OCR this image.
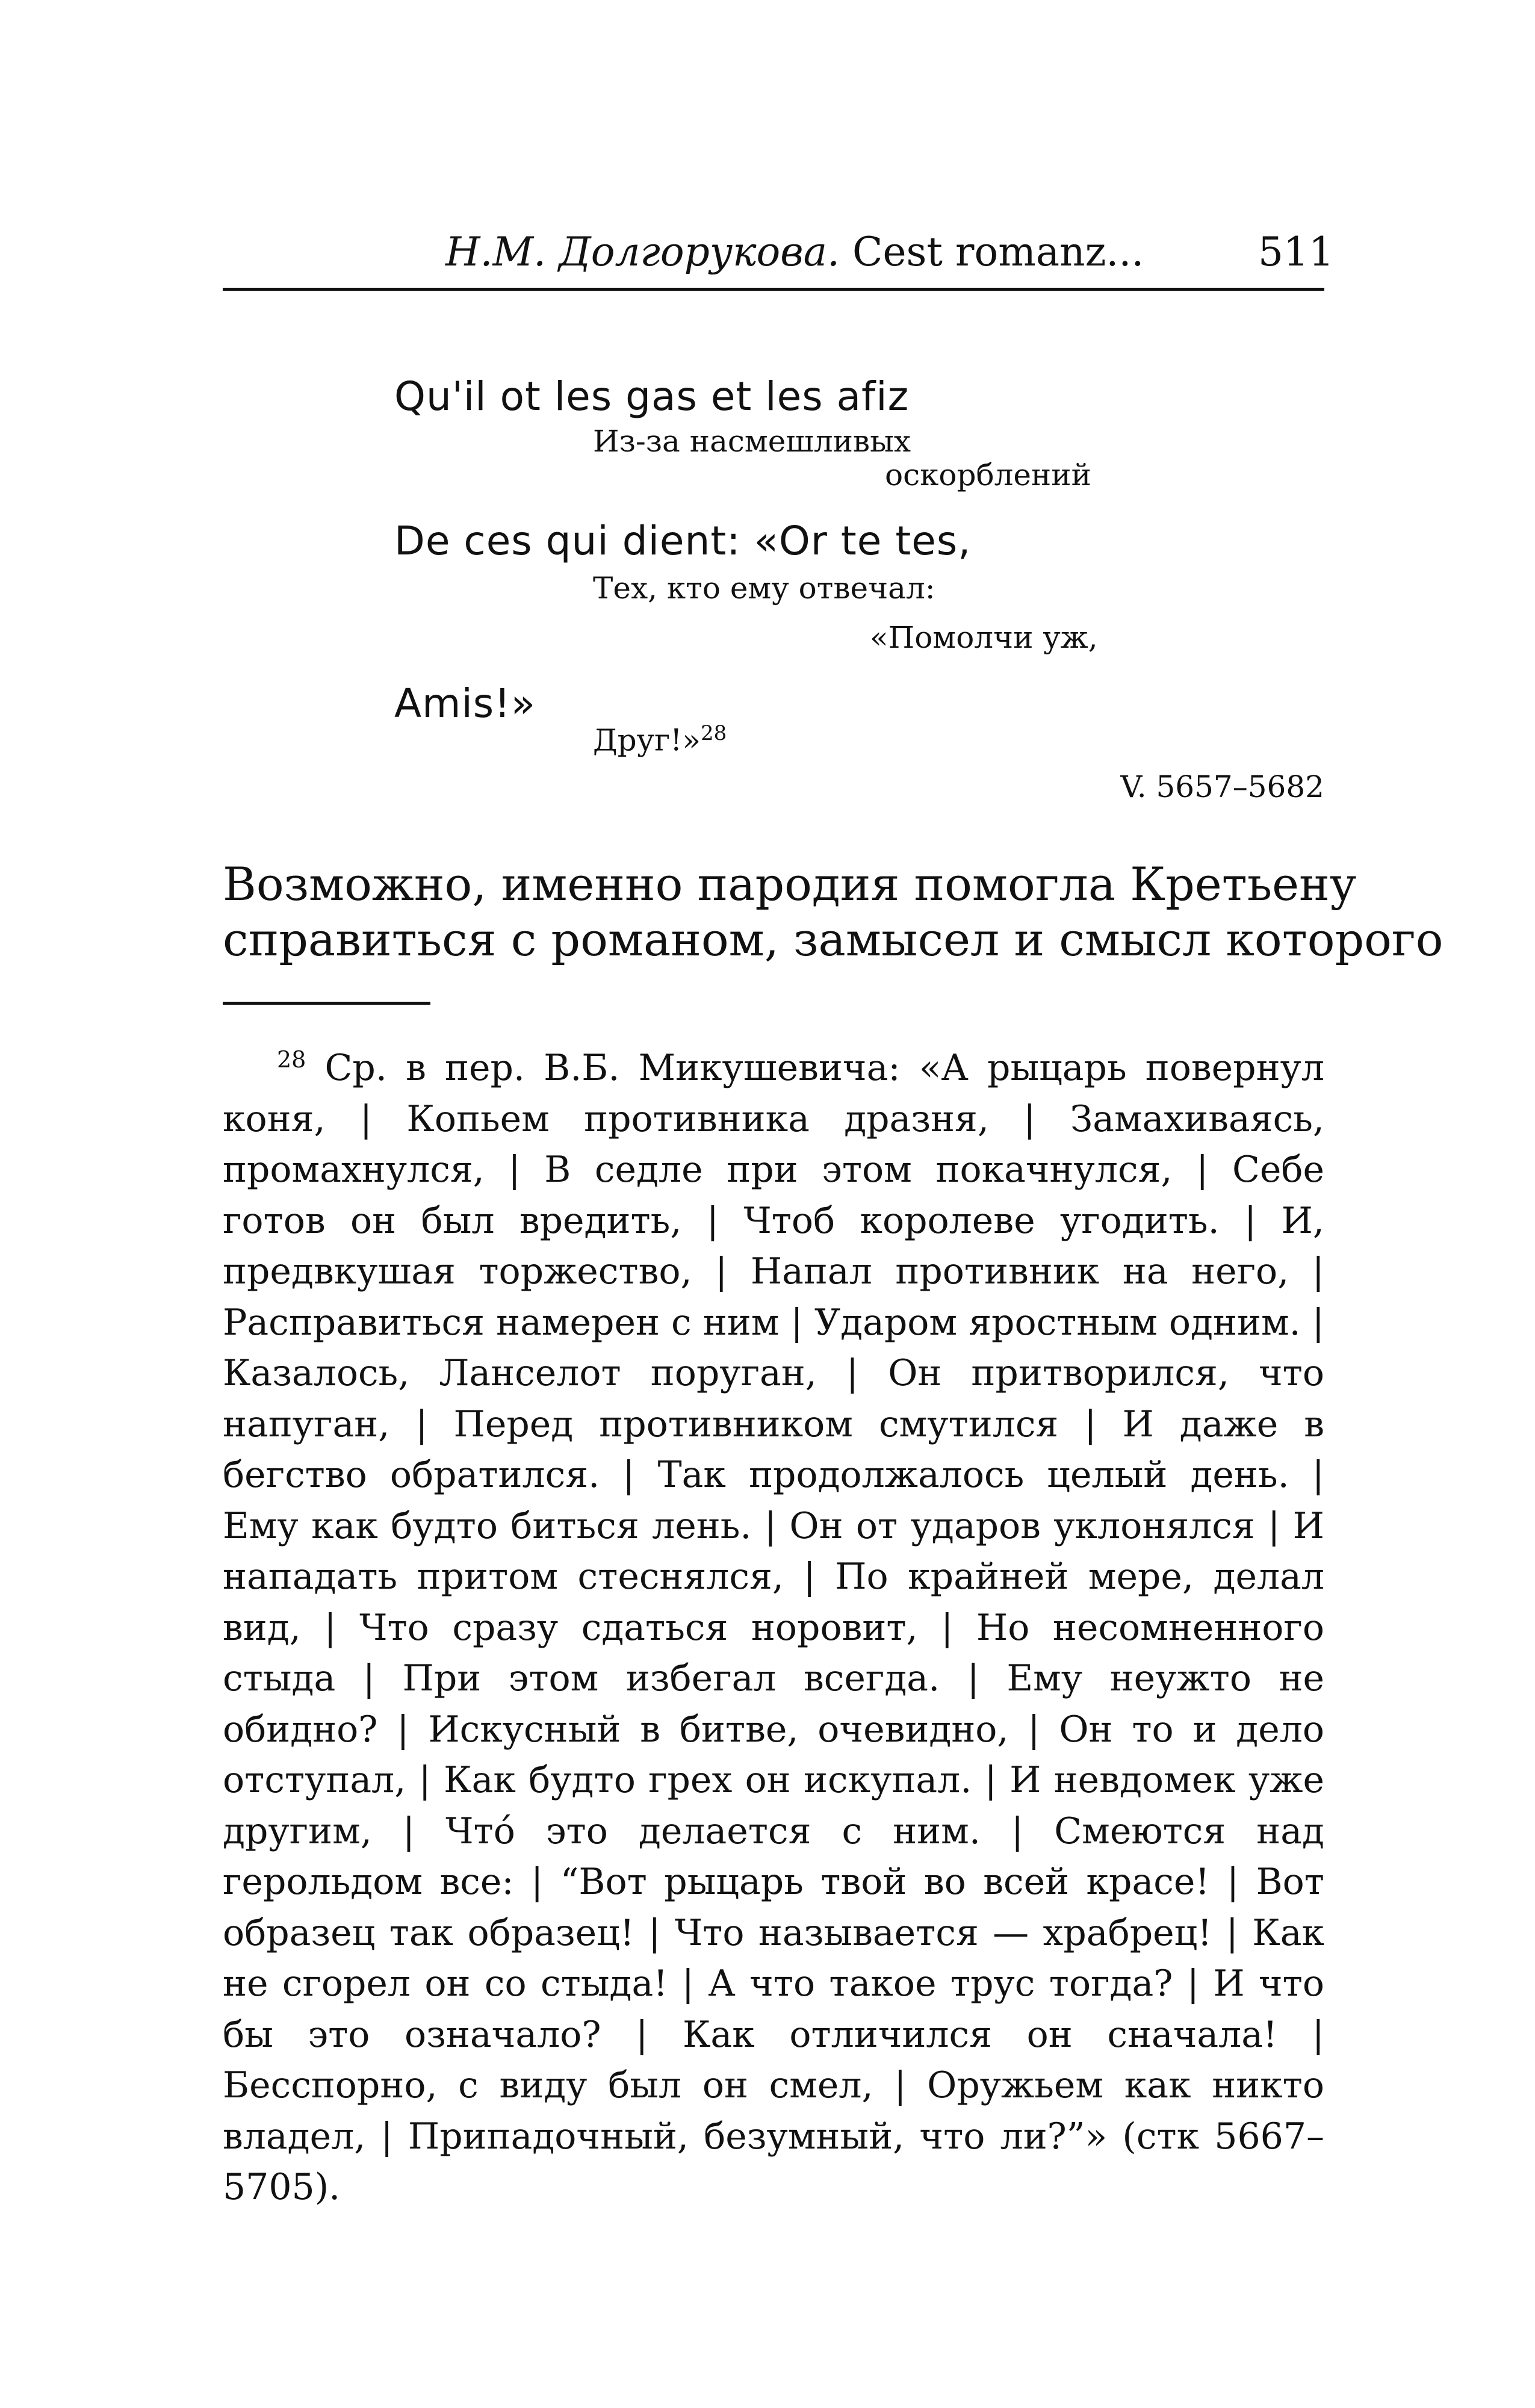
Н.М. Долгорукова. Cest romanz...	511
Qu'il ot les gas et les afiz
Из-за насмешливых
оскорблений
De ces qui dient: «Or te tes,
Тех, кто ему отвечал:
«Помолчи уж,
Amis!»
Друг!»$^{28}$
V. 5657–5682
Возможно, именно пародия помогла Кретьену
справиться с романом, замысел и смысл которого
  $^{28}$ Ср. в пер. В.Б. Микушевича: «А рыцарь повернул коня, | Копьем противника дразня, | Замахиваясь, промахнулся, | В седле при этом покачнулся, | Себе готов он был вредить, | Чтоб королеве угодить. | И, предвкушая торжество, | Напал противник на него, | Расправиться намерен с ним | Ударом яростным одним. | Казалось, Ланселот поруган, | Он притворился, что напуган, | Перед противником смутился | И даже в бегство обратился. | Так продолжалось целый день. | Ему как будто биться лень. | Он от ударов уклонялся | И нападать притом стеснялся, | По крайней мере, делал вид, | Что сразу сдаться норовит, | Но несомненного стыда | При этом избегал всегда. | Ему неужто не обидно? | Искусный в битве, очевидно, | Он то и дело отступал, | Как будто грех он искупал. | И невдомек уже другим, | Что́ это делается с ним. | Смеются над герольдом все: | “Вот рыцарь твой во всей красе! | Вот образец так образец! | Что называется — храбрец! | Как не сгорел он со стыда! | А что такое трус тогда? | И что бы это означало? | Как отличился он сначала! | Бесспорно, с виду был он смел, | Оружьем как никто владел, | Припадочный, безумный, что ли?”» (стк 5667–5705).
